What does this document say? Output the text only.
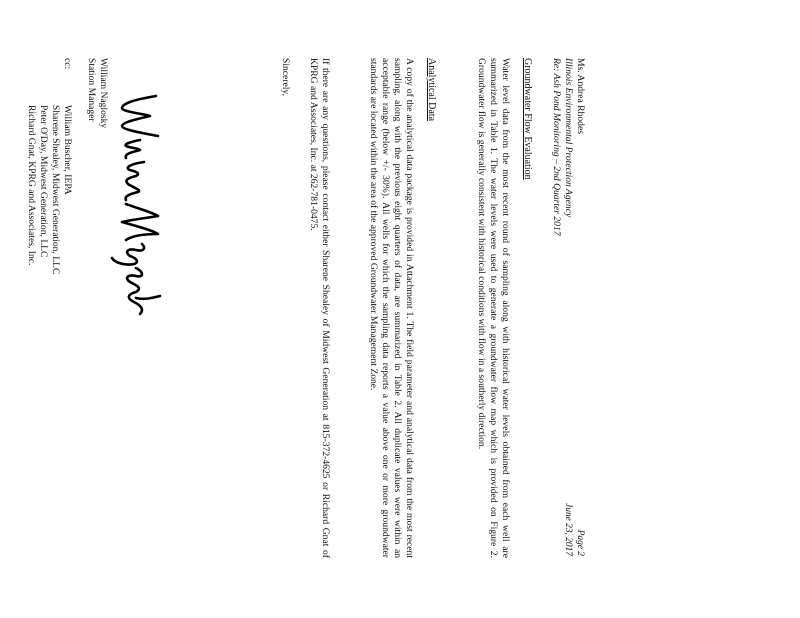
Page 2
Ms. Andrea Rhodes
Illinois Environmental Protection Agency
Re: Ash Pond Monitoring – 2nd Quarter 2017
June 23, 2017
Groundwater Flow Evaluation
Water level data from the most recent round of sampling along with historical water levels obtained from each well are summarized in Table 1. The water levels were used to generate a groundwater flow map which is provided on Figure 2. Groundwater flow is generally consistent with historical conditions with flow in a southerly direction.
Analytical Data
A copy of the analytical data package is provided in Attachment 1. The field parameter and analytical data from the most recent sampling, along with the previous eight quarters of data, are summarized in Table 2. All duplicate values were within an acceptable range (below +/- 30%). All wells for which the sampling data reports a value above one or more groundwater standards are located within the area of the approved Groundwater Management Zone.
If there are any questions, please contact either Sharene Shealey of Midwest Generation at 815-372-4625 or Richard Gnat of KPRG and Associates, Inc. at 262-781-0475.
Sincerely,
William Naglosky
Station Manager
cc:
William Buscher, IEPA
Sharene Shealey, Midwest Generation, LLC
Peter O'Day, Midwest Generation, LLC
Richard Gnat, KPRG and Associates, Inc.
